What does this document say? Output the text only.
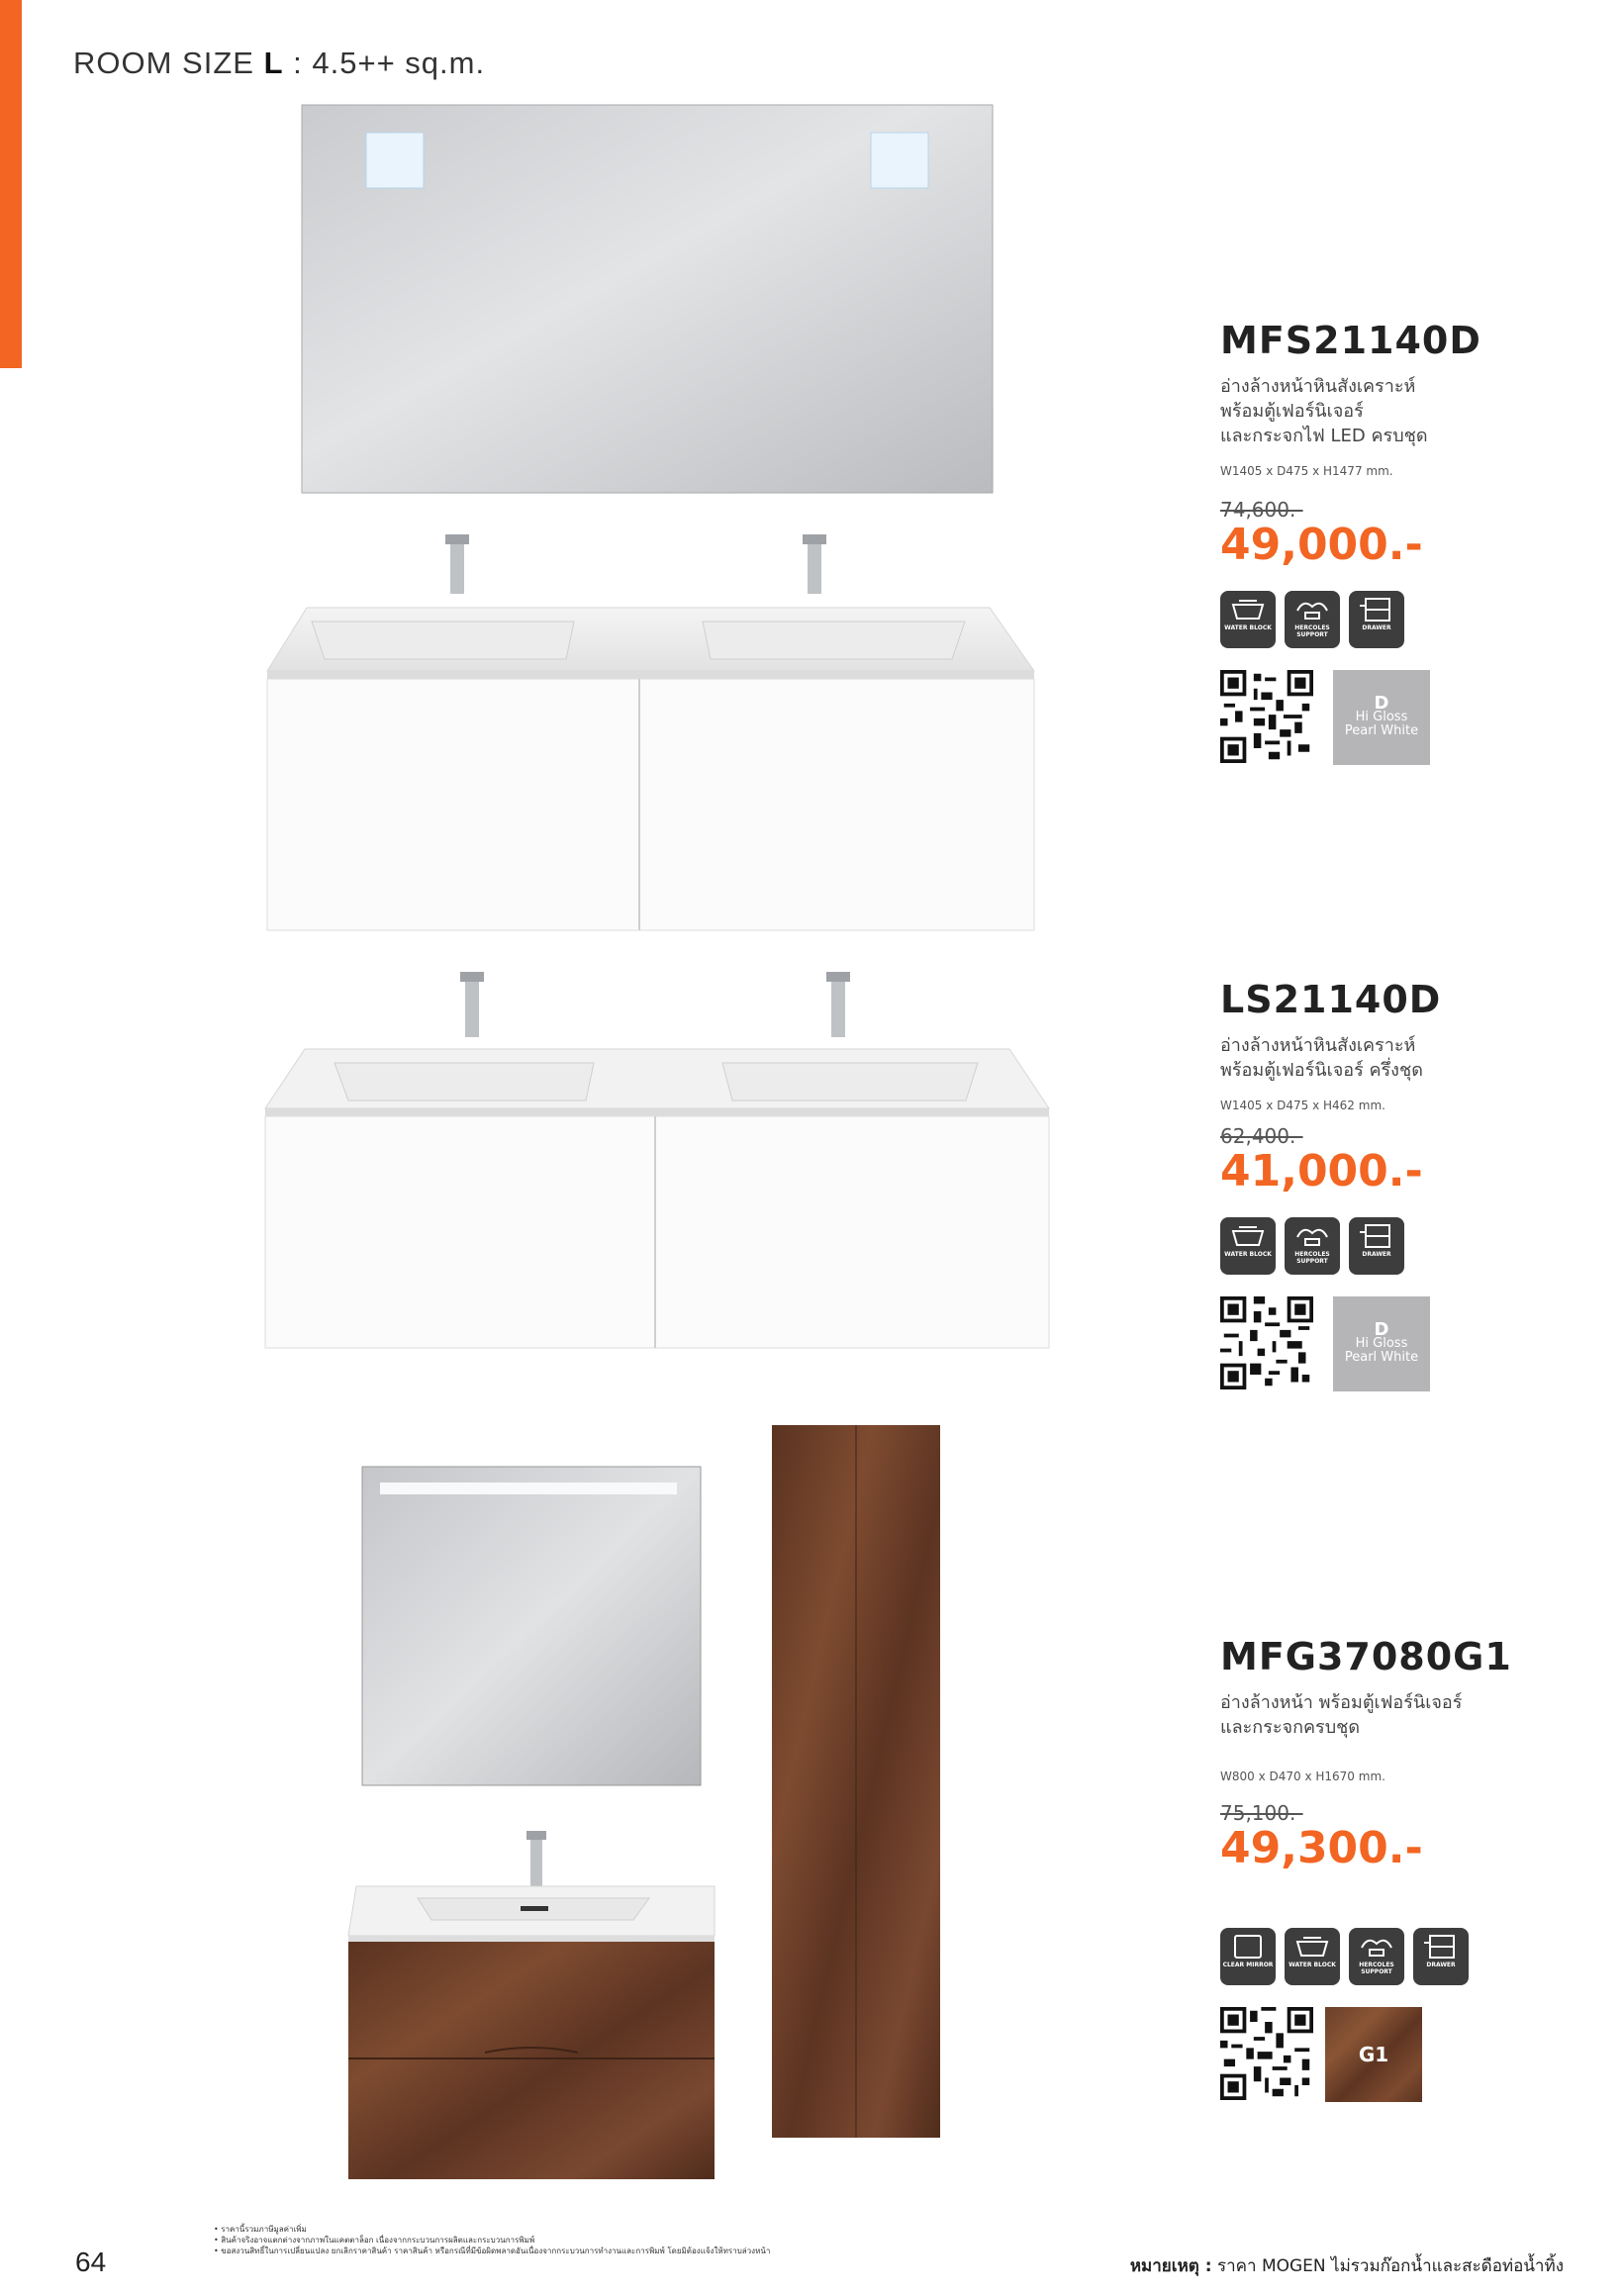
ROOM SIZE L : 4.5++ sq.m.
MFS21140D
อ่างล้างหน้าหินสังเคราะห์
พร้อมตู้เฟอร์นิเจอร์
และกระจกไฟ LED ครบชุด
W1405 x D475 x H1477 mm.
74,600.-
49,000.-
WATER BLOCK	HERCOLES SUPPORT
DRAWER
D
Hi Gloss
Pearl White
LS21140D
อ่างล้างหน้าหินสังเคราะห์
พร้อมตู้เฟอร์นิเจอร์ ครึ่งชุด
W1405 x D475 x H462 mm.
62,400.-
41,000.-
WATER BLOCK	HERCOLES SUPPORT
DRAWER
D
Hi Gloss
Pearl White
MFG37080G1
อ่างล้างหน้า พร้อมตู้เฟอร์นิเจอร์
และกระจกครบชุด
W800 x D470 x H1670 mm.
75,100.-
49,300.-
CLEAR MIRROR	WATER BLOCK	HERCOLES SUPPORT
DRAWER
G1
64
• ราคานี้รวมภาษีมูลค่าเพิ่ม
• สินค้าจริงอาจแตกต่างจากภาพในแคตตาล็อก เนื่องจากกระบวนการผลิตและกระบวนการพิมพ์
• ขอสงวนสิทธิ์ในการเปลี่ยนแปลง ยกเลิกราคาสินค้า ราคาสินค้า หรือกรณีที่มีข้อผิดพลาดอันเนื่องจากกระบวนการทำงานและการพิมพ์ โดยมิต้องแจ้งให้ทราบล่วงหน้า
หมายเหตุ : ราคา MOGEN ไม่รวมก๊อกน้ำและสะดือท่อน้ำทิ้ง
